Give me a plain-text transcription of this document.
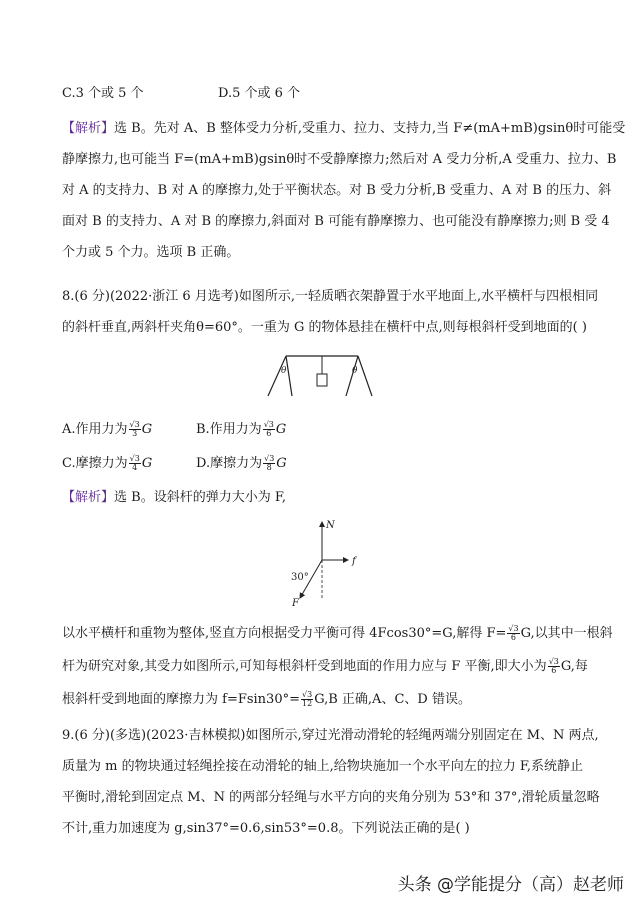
C.3 个或 5 个	D.5 个或 6 个
【解析】选 B。先对 A、B 整体受力分析,受重力、拉力、支持力,当 F≠(mA+mB)gsinθ时可能受
静摩擦力,也可能当 F=(mA+mB)gsinθ时不受静摩擦力;然后对 A 受力分析,A 受重力、拉力、B
对 A 的支持力、B 对 A 的摩擦力,处于平衡状态。对 B 受力分析,B 受重力、A 对 B 的压力、斜
面对 B 的支持力、A 对 B 的摩擦力,斜面对 B 可能有静摩擦力、也可能没有静摩擦力;则 B 受 4
个力或 5 个力。选项 B 正确。
8.(6 分)(2022·浙江 6 月选考)如图所示,一轻质晒衣架静置于水平地面上,水平横杆与四根相同
的斜杆垂直,两斜杆夹角θ=60°。一重为 G 的物体悬挂在横杆中点,则每根斜杆受到地面的( )
θ	θ
A.作用力为 $\frac{√3}{3}$ G	B.作用力为 $\frac{√3}{6}$ G
C.摩擦力为 $\frac{√3}{4}$ G	D.摩擦力为 $\frac{√3}{8}$ G
【解析】选 B。设斜杆的弹力大小为 F,
N
f
30°
F
以水平横杆和重物为整体,竖直方向根据受力平衡可得 4Fcos30°=G,解得 $F= \frac{√3}{6} G$,以其中一根斜
杆为研究对象,其受力如图所示,可知每根斜杆受到地面的作用力应与 F 平衡,即大小为 $\frac{√3}{6} G$,每
根斜杆受到地面的摩擦力为 $f=Fsin30^\circ= \frac{√3}{12} G,B$ 正确,A、C、D 错误。
9.(6 分)(多选)(2023·吉林模拟)如图所示,穿过光滑动滑轮的轻绳两端分别固定在 M、N 两点,
质量为 m 的物块通过轻绳拴接在动滑轮的轴上,给物块施加一个水平向左的拉力 F,系统静止
平衡时,滑轮到固定点 M、N 的两部分轻绳与水平方向的夹角分别为 53°和 37°,滑轮质量忽略
不计,重力加速度为 g,sin37°=0.6,sin53°=0.8。下列说法正确的是( )
头条 @学能提分（高）赵老师
